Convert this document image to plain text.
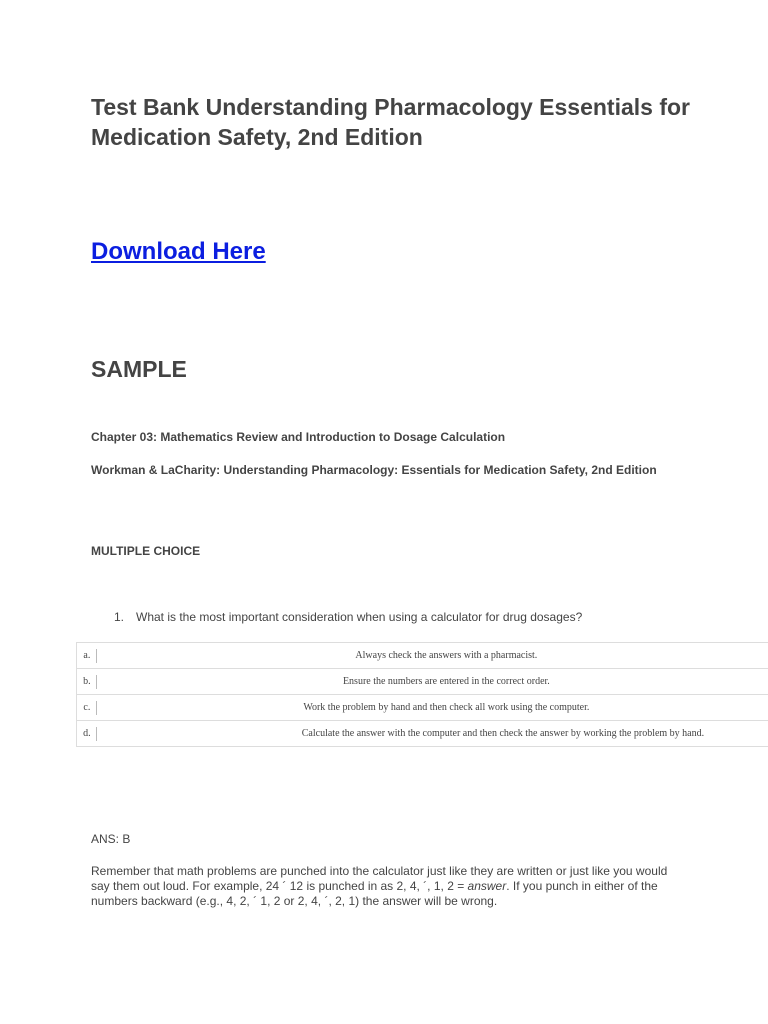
Test Bank Understanding Pharmacology Essentials for Medication Safety, 2nd Edition
Download Here
SAMPLE
Chapter 03: Mathematics Review and Introduction to Dosage Calculation
Workman & LaCharity: Understanding Pharmacology: Essentials for Medication Safety, 2nd Edition
MULTIPLE CHOICE
1. What is the most important consideration when using a calculator for drug dosages?
a.	Always check the answers with a pharmacist.
b.	Ensure the numbers are entered in the correct order.
c.	Work the problem by hand and then check all work using the computer.
d.	Calculate the answer with the computer and then check the answer by working the problem by hand.
ANS: B
Remember that math problems are punched into the calculator just like they are written or just like you would say them out loud. For example, 24 ´ 12 is punched in as 2, 4, ´, 1, 2 = answer. If you punch in either of the numbers backward (e.g., 4, 2, ´ 1, 2 or 2, 4, ´, 2, 1) the answer will be wrong.
